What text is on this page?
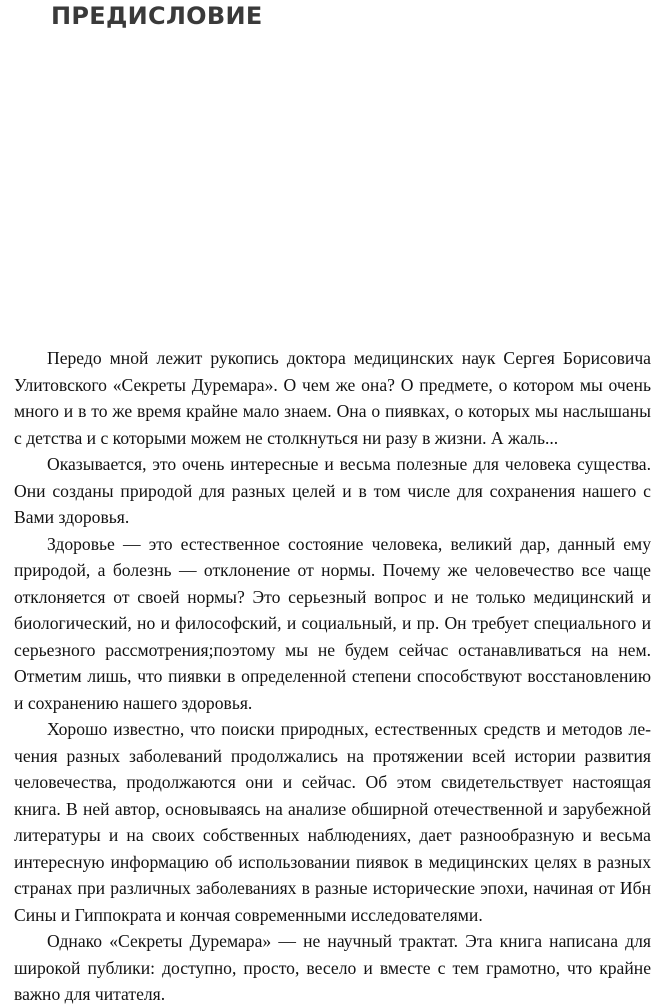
ПРЕДИСЛОВИЕ

Передо мной лежит рукопись доктора медицинских наук Сергея Борисовича Улитовского «Секреты Дуремара». О чем же она? О предмете, о котором мы очень много и в то же время крайне мало знаем. Она о пиявках, о которых мы наслышаны с детства и с которыми можем не столкнуться ни разу в жизни. А жаль...

Оказывается, это очень интересные и весьма полезные для человека существа. Они созданы природой для разных целей и в том числе для сохранения нашего с Вами здоровья.

Здоровье — это естественное состояние человека, великий дар, данный ему природой, а болезнь — отклонение от нормы. Почему же человечество все чаще отклоняется от своей нормы? Это серьезный вопрос и не только медицинский и биологический, но и философский, и социальный, и пр. Он требует специального и серьезного рассмотрения;поэтому мы не будем сейчас останавливаться на нем. Отметим лишь, что пиявки в определенной степени способствуют восстановлению и сохранению нашего здоровья.

Хорошо известно, что поиски природных, естественных средств и методов лечения разных заболеваний продолжались на протяжении всей истории развития человечества, продолжаются они и сейчас. Об этом свидетельствует настоящая книга. В ней автор, основываясь на анализе обширной отечественной и зарубежной литературы и на своих собственных наблюдениях, дает разнообразную и весьма интересную информацию об использовании пиявок в медицинских целях в разных странах при различных заболеваниях в разные исторические эпохи, начиная от Ибн Сины и Гиппократа и кончая современными исследователями.

Однако «Секреты Дуремара» — не научный трактат. Эта книга написана для широкой публики: доступно, просто, весело и вместе с тем грамотно, что крайне важно для читателя.
